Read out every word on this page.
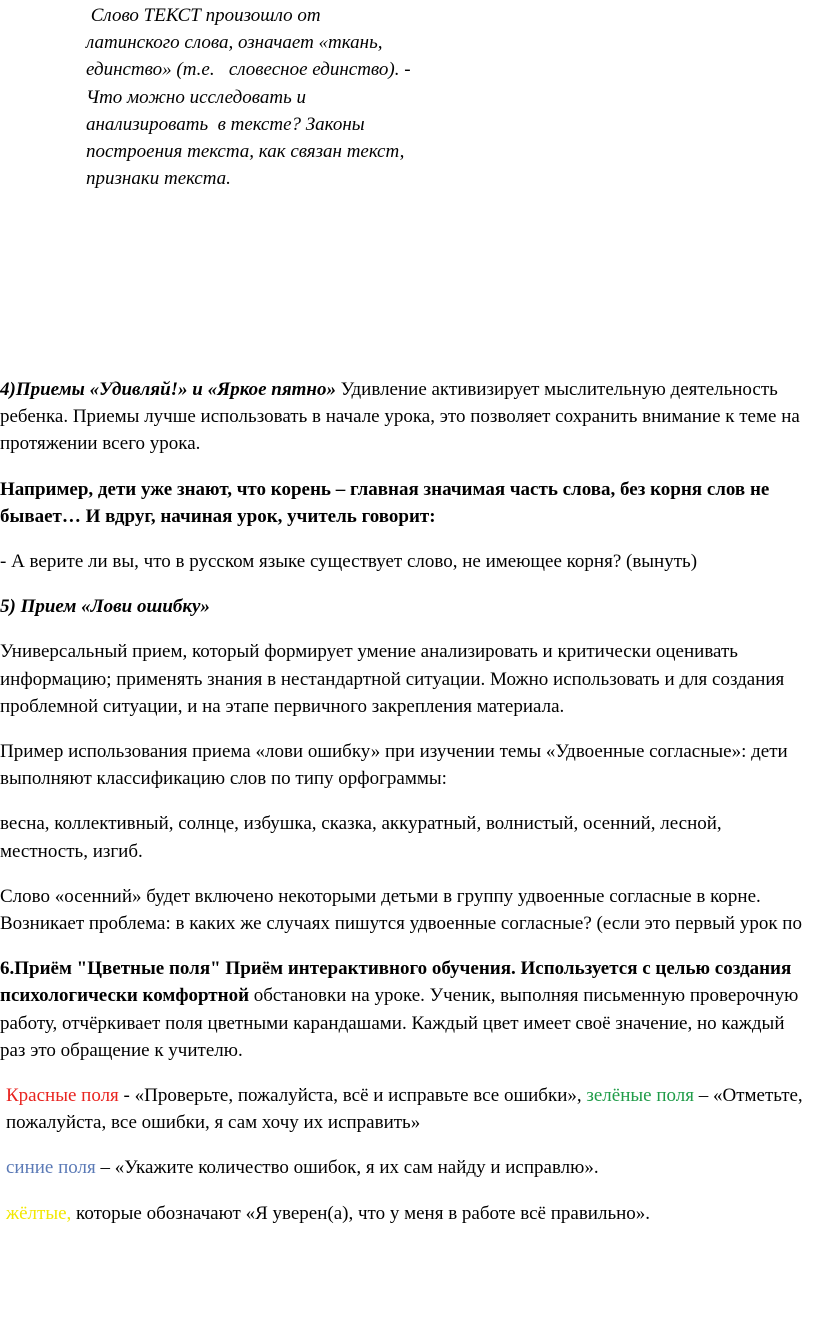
Слово ТЕКСТ произошло от
латинского слова, означает «ткань,
единство» (т.е.   словесное единство). -
Что можно исследовать и
анализировать  в тексте? Законы
построения текста, как связан текст,
признаки текста.

4)Приемы «Удивляй!» и «Яркое пятно» Удивление активизирует мыслительную деятельность ребенка. Приемы лучше использовать в начале урока, это позволяет сохранить внимание к теме на протяжении всего урока.

Например, дети уже знают, что корень – главная значимая часть слова, без корня слов не бывает… И вдруг, начиная урок, учитель говорит:

- А верите ли вы, что в русском языке существует слово, не имеющее корня? (вынуть)

5) Прием «Лови ошибку»

Универсальный прием, который формирует умение анализировать и критически оценивать информацию; применять знания в нестандартной ситуации. Можно использовать и для создания проблемной ситуации, и на этапе первичного закрепления материала.

Пример использования приема «лови ошибку» при изучении темы «Удвоенные согласные»: дети выполняют классификацию слов по типу орфограммы:

весна, коллективный, солнце, избушка, сказка, аккуратный, волнистый, осенний, лесной, местность, изгиб.

Слово «осенний» будет включено некоторыми детьми в группу удвоенные согласные в корне. Возникает проблема: в каких же случаях пишутся удвоенные согласные? (если это первый урок по

6.Приём "Цветные поля" Приём интерактивного обучения. Используется с целью создания психологически комфортной обстановки на уроке. Ученик, выполняя письменную проверочную работу, отчёркивает поля цветными карандашами. Каждый цвет имеет своё значение, но каждый раз это обращение к учителю.

Красные поля - «Проверьте, пожалуйста, всё и исправьте все ошибки», зелёные поля – «Отметьте, пожалуйста, все ошибки, я сам хочу их исправить»

синие поля – «Укажите количество ошибок, я их сам найду и исправлю».

жёлтые, которые обозначают «Я уверен(а), что у меня в работе всё правильно».
